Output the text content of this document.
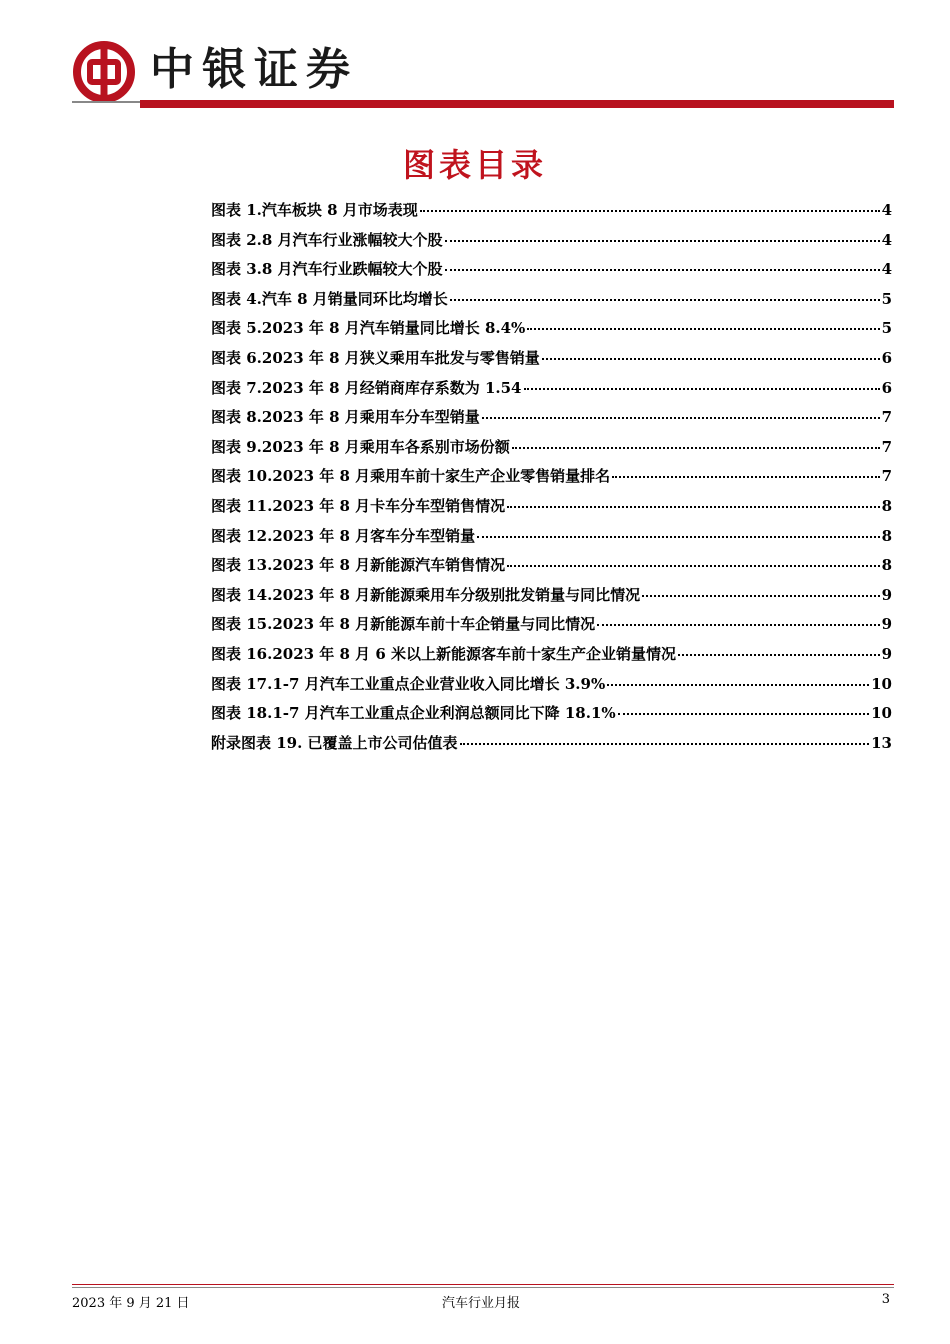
中银证券
图表目录
图表 1.汽车板块 8 月市场表现	4
图表 2.8 月汽车行业涨幅较大个股	4
图表 3.8 月汽车行业跌幅较大个股	4
图表 4.汽车 8 月销量同环比均增长	5
图表 5.2023 年 8 月汽车销量同比增长 8.4%	5
图表 6.2023 年 8 月狭义乘用车批发与零售销量	6
图表 7.2023 年 8 月经销商库存系数为 1.54	6
图表 8.2023 年 8 月乘用车分车型销量	7
图表 9.2023 年 8 月乘用车各系别市场份额	7
图表 10.2023 年 8 月乘用车前十家生产企业零售销量排名	7
图表 11.2023 年 8 月卡车分车型销售情况	8
图表 12.2023 年 8 月客车分车型销量	8
图表 13.2023 年 8 月新能源汽车销售情况	8
图表 14.2023 年 8 月新能源乘用车分级别批发销量与同比情况	9
图表 15.2023 年 8 月新能源车前十车企销量与同比情况	9
图表 16.2023 年 8 月 6 米以上新能源客车前十家生产企业销量情况	9
图表 17.1-7 月汽车工业重点企业营业收入同比增长 3.9%	10
图表 18.1-7 月汽车工业重点企业利润总额同比下降 18.1%	10
附录图表 19. 已覆盖上市公司估值表	13
2023 年 9 月 21 日	汽车行业月报	3
